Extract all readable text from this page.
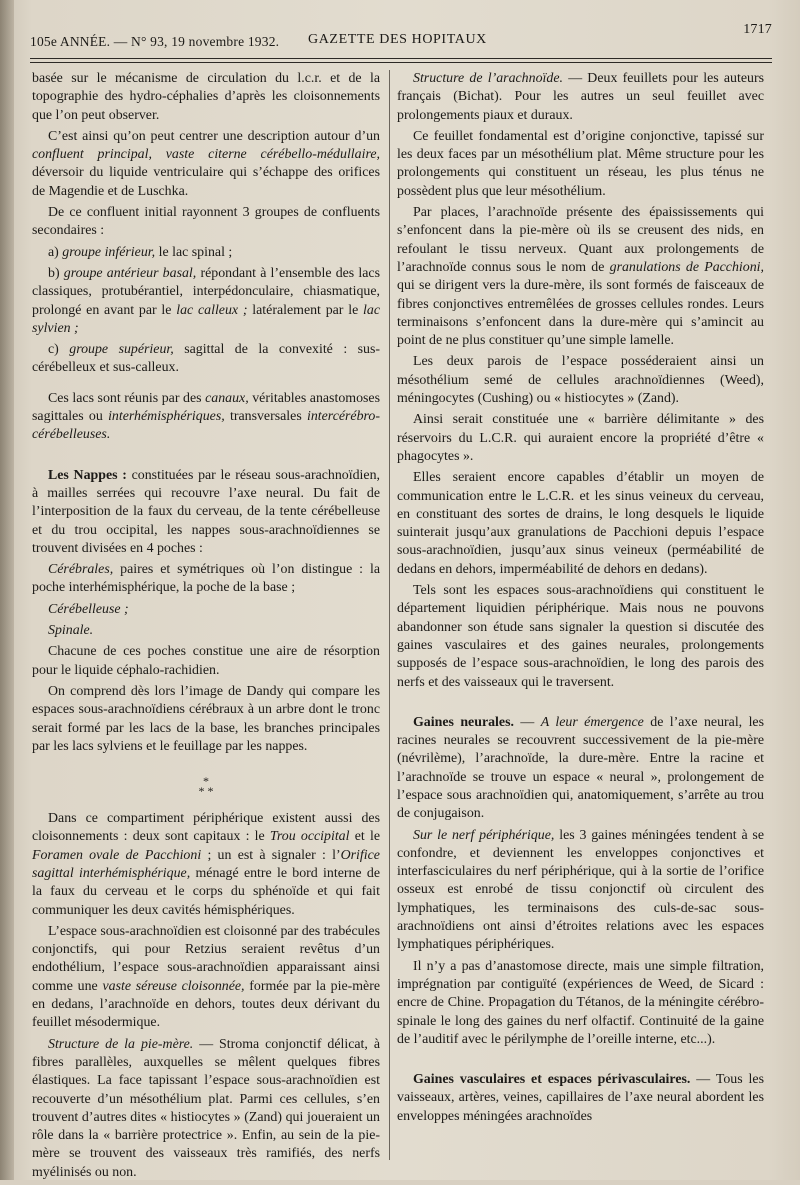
105e ANNÉE. — N° 93, 19 novembre 1932. GAZETTE DES HOPITAUX
1717

basée sur le mécanisme de circulation du l.c.r. et de la topographie des hydro-céphalies d’après les cloisonnements que l’on peut observer.

C’est ainsi qu’on peut centrer une description autour d’un confluent principal, vaste citerne cérébello-médullaire, déversoir du liquide ventriculaire qui s’échappe des orifices de Magendie et de Luschka.

De ce confluent initial rayonnent 3 groupes de confluents secondaires :

a) groupe inférieur, le lac spinal ;

b) groupe antérieur basal, répondant à l’ensemble des lacs classiques, protubérantiel, interpédonculaire, chiasmatique, prolongé en avant par le lac calleux ; latéralement par le lac sylvien ;

c) groupe supérieur, sagittal de la convexité : sus-cérébelleux et sus-calleux.

Ces lacs sont réunis par des canaux, véritables anastomoses sagittales ou interhémisphériques, transversales intercérébro-cérébelleuses.

Les Nappes : constituées par le réseau sous-arachnoïdien, à mailles serrées qui recouvre l’axe neural. Du fait de l’interposition de la faux du cerveau, de la tente cérébelleuse et du trou occipital, les nappes sous-arachnoïdiennes se trouvent divisées en 4 poches :

Cérébrales, paires et symétriques où l’on distingue : la poche interhémisphérique, la poche de la base ;

Cérébelleuse ;

Spinale.

Chacune de ces poches constitue une aire de résorption pour le liquide céphalo-rachidien.

On comprend dès lors l’image de Dandy qui compare les espaces sous-arachnoïdiens cérébraux à un arbre dont le tronc serait formé par les lacs de la base, les branches principales par les lacs sylviens et le feuillage par les nappes.

*
* *

Dans ce compartiment périphérique existent aussi des cloisonnements : deux sont capitaux : le Trou occipital et le Foramen ovale de Pacchioni ; un est à signaler : l’Orifice sagittal interhémisphérique, ménagé entre le bord interne de la faux du cerveau et le corps du sphénoïde et qui fait communiquer les deux cavités hémisphériques.

L’espace sous-arachnoïdien est cloisonné par des trabécules conjonctifs, qui pour Retzius seraient revêtus d’un endothélium, l’espace sous-arachnoïdien apparaissant ainsi comme une vaste séreuse cloisonnée, formée par la pie-mère en dedans, l’arachnoïde en dehors, toutes deux dérivant du feuillet mésodermique.

Structure de la pie-mère. — Stroma conjonctif délicat, à fibres parallèles, auxquelles se mêlent quelques fibres élastiques. La face tapissant l’espace sous-arachnoïdien est recouverte d’un mésothélium plat. Parmi ces cellules, s’en trouvent d’autres dites « histiocytes » (Zand) qui joueraient un rôle dans la « barrière protectrice ». Enfin, au sein de la pie-mère se trouvent des vaisseaux très ramifiés, des nerfs myélinisés ou non.

Structure de l’arachnoïde. — Deux feuillets pour les auteurs français (Bichat). Pour les autres un seul feuillet avec prolongements piaux et duraux.

Ce feuillet fondamental est d’origine conjonctive, tapissé sur les deux faces par un mésothélium plat. Même structure pour les prolongements qui constituent un réseau, les plus ténus ne possèdent plus que leur mésothélium.

Par places, l’arachnoïde présente des épaississements qui s’enfoncent dans la pie-mère où ils se creusent des nids, en refoulant le tissu nerveux. Quant aux prolongements de l’arachnoïde connus sous le nom de granulations de Pacchioni, qui se dirigent vers la dure-mère, ils sont formés de faisceaux de fibres conjonctives entremêlées de grosses cellules rondes. Leurs terminaisons s’enfoncent dans la dure-mère qui s’amincit au point de ne plus constituer qu’une simple lamelle.

Les deux parois de l’espace posséderaient ainsi un mésothélium semé de cellules arachnoïdiennes (Weed), méningocytes (Cushing) ou « histiocytes » (Zand).

Ainsi serait constituée une « barrière délimitante » des réservoirs du L.C.R. qui auraient encore la propriété d’être « phagocytes ».

Elles seraient encore capables d’établir un moyen de communication entre le L.C.R. et les sinus veineux du cerveau, en constituant des sortes de drains, le long desquels le liquide suinterait jusqu’aux granulations de Pacchioni depuis l’espace sous-arachnoïdien, jusqu’aux sinus veineux (perméabilité de dedans en dehors, imperméabilité de dehors en dedans).

Tels sont les espaces sous-arachnoïdiens qui constituent le département liquidien périphérique. Mais nous ne pouvons abandonner son étude sans signaler la question si discutée des gaines vasculaires et des gaines neurales, prolongements supposés de l’espace sous-arachnoïdien, le long des parois des nerfs et des vaisseaux qui le traversent.

Gaines neurales. — A leur émergence de l’axe neural, les racines neurales se recouvrent successivement de la pie-mère (névrilème), l’arachnoïde, la dure-mère. Entre la racine et l’arachnoïde se trouve un espace « neural », prolongement de l’espace sous arachnoïdien qui, anatomiquement, s’arrête au trou de conjugaison.

Sur le nerf périphérique, les 3 gaines méningées tendent à se confondre, et deviennent les enveloppes conjonctives et interfasciculaires du nerf périphérique, qui à la sortie de l’orifice osseux est enrobé de tissu conjonctif où circulent des lymphatiques, les terminaisons des culs-de-sac sous-arachnoïdiens ont ainsi d’étroites relations avec les espaces lymphatiques périphériques.

Il n’y a pas d’anastomose directe, mais une simple filtration, imprégnation par contiguïté (expériences de Weed, de Sicard : encre de Chine. Propagation du Tétanos, de la méningite cérébro-spinale le long des gaines du nerf olfactif. Continuité de la gaine de l’auditif avec le périlymphe de l’oreille interne, etc...).

Gaines vasculaires et espaces périvasculaires. — Tous les vaisseaux, artères, veines, capillaires de l’axe neural abordent les enveloppes méningées arachnoïdes
